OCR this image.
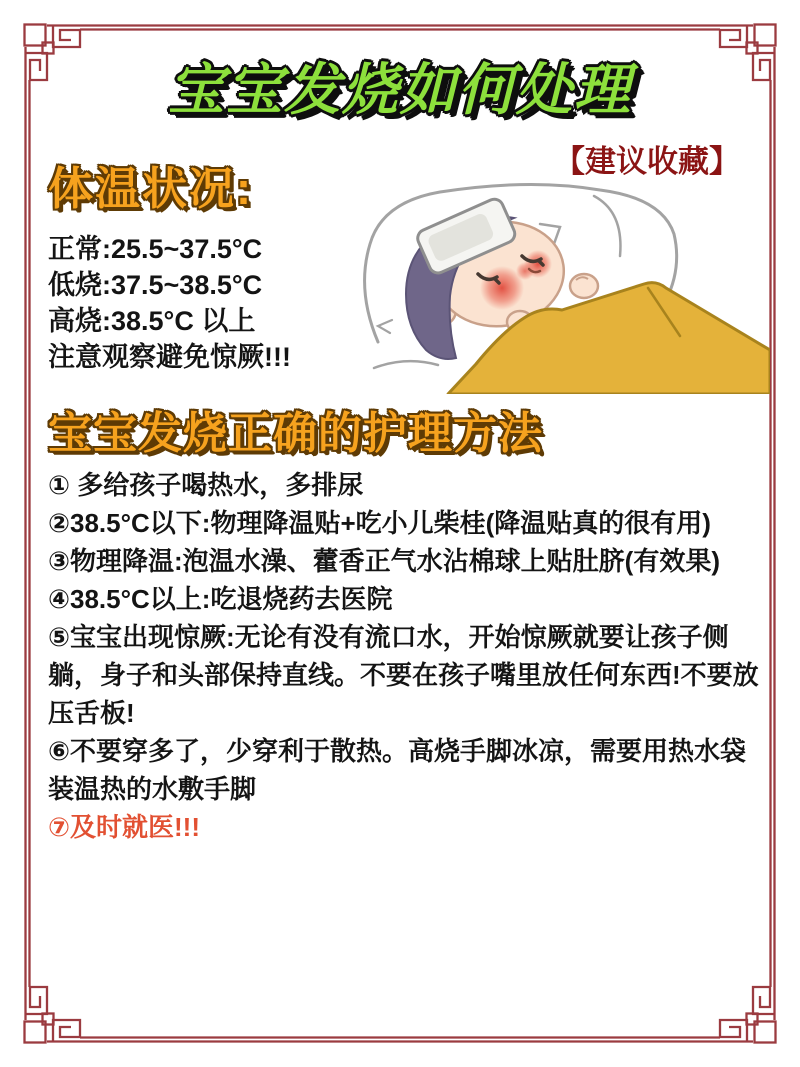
宝宝发烧如何处理
【建议收藏】
体温状况:
正常:25.5~37.5°C
低烧:37.5~38.5°C
高烧:38.5°C 以上
注意观察避免惊厥!!!
宝宝发烧正确的护理方法
① 多给孩子喝热水，多排尿
②38.5°C以下:物理降温贴+吃小儿柴桂(降温贴真的很有用)
③物理降温:泡温水澡、藿香正气水沾棉球上贴肚脐(有效果)
④38.5°C以上:吃退烧药去医院
⑤宝宝出现惊厥:无论有没有流口水，开始惊厥就要让孩子侧躺，身子和头部保持直线。不要在孩子嘴里放任何东西!不要放压舌板!
⑥不要穿多了，少穿利于散热。高烧手脚冰凉，需要用热水袋装温热的水敷手脚
⑦及时就医!!!
